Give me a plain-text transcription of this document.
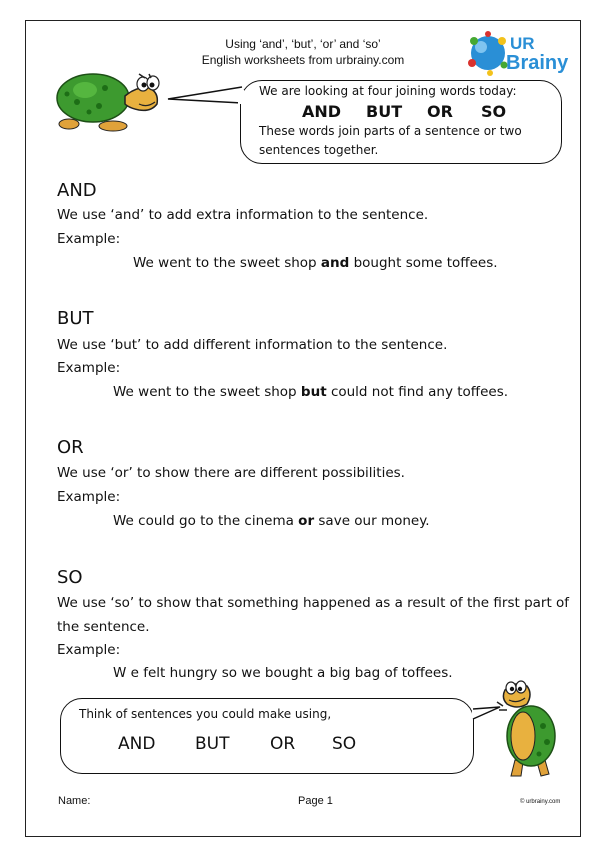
Using ‘and’, ‘but’, ‘or’ and ‘so’
English worksheets from urbrainy.com
UR
Brainy
We are looking at four joining words today:
AND BUT OR SO
These words join parts of a sentence or two
sentences together.
AND
We use ‘and’ to add extra information to the sentence.
Example:
We went to the sweet shop and bought some toffees.
BUT
We use ‘but’ to add different information to the sentence.
Example:
We went to the sweet shop but could not find any toffees.
OR
We use ‘or’ to show there are different possibilities.
Example:
We could go to the cinema or save our money.
SO
We use ‘so’ to show that something happened as a result of the first part of
the sentence.
Example:
W e felt hungry so we bought a big bag of toffees.
Think of sentences you could make using,
AND BUT OR SO
Name:	Page 1	© urbrainy.com
